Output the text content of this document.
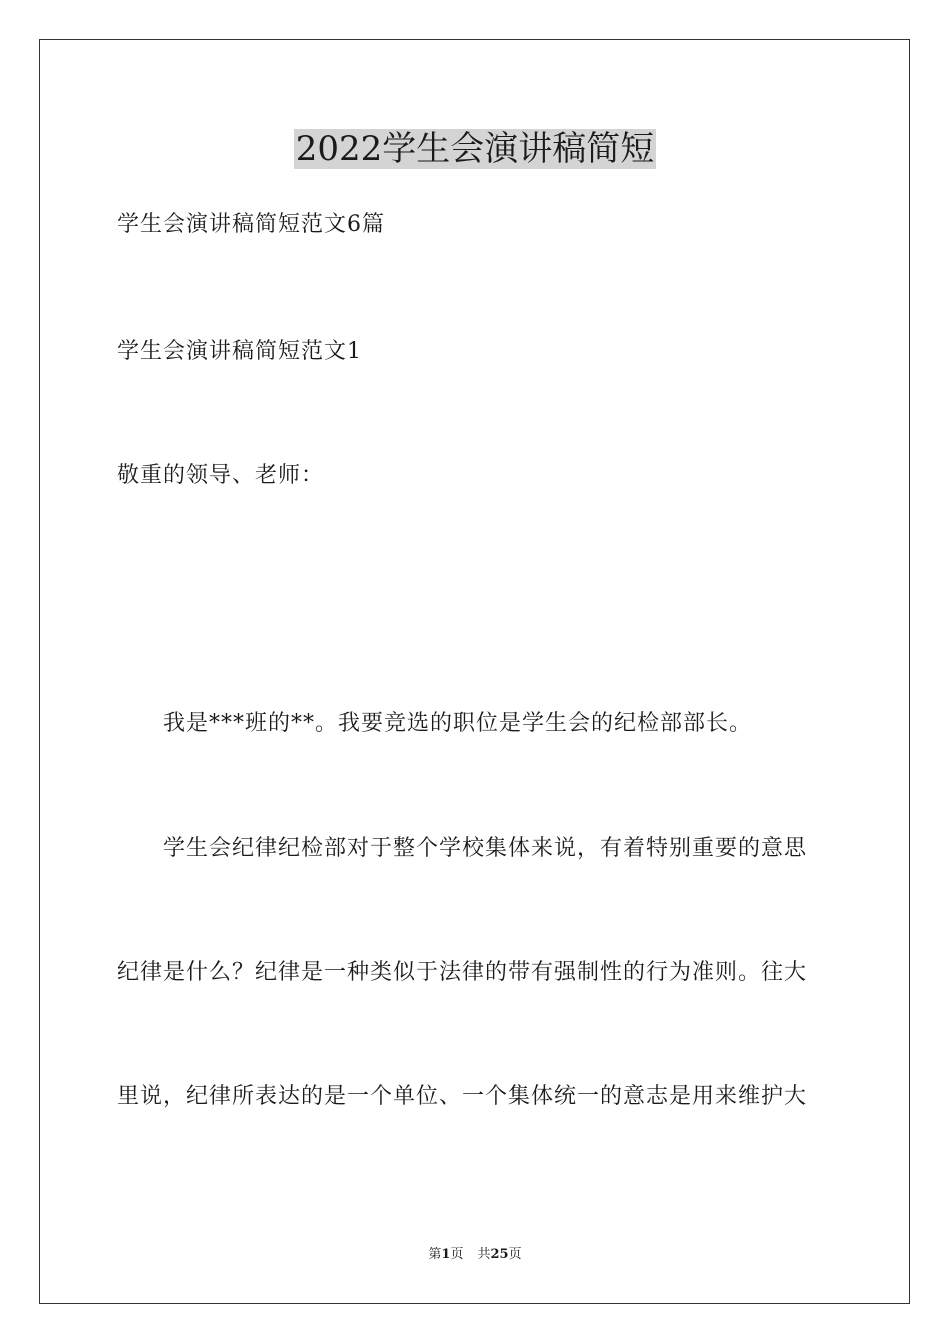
2022学生会演讲稿简短
学生会演讲稿简短范文6篇
学生会演讲稿简短范文1
敬重的领导、老师：
我是***班的**。我要竞选的职位是学生会的纪检部部长。
学生会纪律纪检部对于整个学校集体来说，有着特别重要的意思
纪律是什么？纪律是一种类似于法律的带有强制性的行为准则。往大
里说，纪律所表达的是一个单位、一个集体统一的意志是用来维护大
第1页 共25页
